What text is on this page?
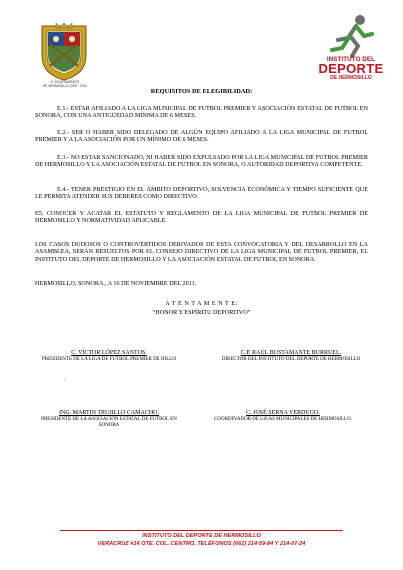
H. AYUNTAMIENTO
DE HERMOSILLO 2009 - 2012
INSTITUTO DEL
DEPORTE
DE HERMOSILLO
REQUISITOS DE ELEGIBILIDAD:
E.1.- ESTAR AFILIADO A LA LIGA MUNICIPAL DE FUTBOL PREMIER Y ASOCIACIÓN ESTATAL DE FUTBOL EN SONORA, CON UNA ANTIGÜEDAD MÍNIMA DE 6 MESES.
E.2.- SER O HABER SIDO DELEGADO DE ALGÚN EQUIPO AFILIADO A LA LIGA MUNICIPAL DE FUTBOL PREMIER Y A LA ASOCIACIÓN POR UN MÍNIMO DE 6 MESES.
E.3.- NO ESTAR SANCIONADO, NI HABER SIDO EXPULSADO POR LA LIGA MUNICIPAL DE FUTBOL PREMIER DE HERMOSILLO Y LA ASOCIACIÓN ESTATAL DE FUTBOL EN SONORA, O AUTORIDAD DEPORTIVA COMPETENTE.
E.4.- TENER PRESTIGIO EN EL ÁMBITO DEPORTIVO, SOLVENCIA ECONÓMICA Y TIEMPO SUFICIENTE QUE LE PERMITA ATENDER SUS DEBERES COMO DIRECTIVO.
E5. CONOCER Y ACATAR EL ESTATUTO Y REGLAMENTO DE LA LIGA MUNICIPAL DE FUTBOL PREMIER DE HERMOSILLO Y NORMATIVIDAD APLICABLE.
LOS CASOS DUDOSOS O CONTROVERTIDOS DERIVADOS DE ESTA CONVOCATORIA Y DEL DESARROLLO EN LA ASAMBLEA, SERÁN RESUELTOS POR EL CONSEJO DIRECTIVO DE LA LIGA MUNICIPAL DE FUTBOL PREMIER, EL INSTITUTO DEL DEPORTE DE HERMOSILLO Y LA ASOCIACIÓN ESTATAL DE FUTBOL EN SONORA.
HERMOSILLO, SONORA., A 16 DE NOVIEMBRE DEL 2011.
A T E N T A M E N T E:
“HONOR Y ESPÍRITU DEPORTIVO”
C. VÍCTOR LÓPEZ SANTOS.
PRESIDENTE DE LA LIGA DE FUTBOL PREMIER DE HILLO
C.P. RAÚL BUSTAMANTE BURRUEL.
DIRECTOR DEL INSTITUTO DEL DEPORTE DE HERMOSILLO
.
ING. MARTIN TRUJILLO CAMACHO.
PRESIDENTE DE LA ASOCIACIÓN ESTATAL DE FUTBOL EN SONORA
C. JOSÉ SERNA VERDUGO.
COORDINADOR DE LIGAS MUNICIPALES DE HERMOSILLO.
INSTITUTO DEL DEPORTE DE HERMOSILLO
VERACRUZ #14 OTE. COL. CENTRO, TELÉFONOS (662) 214-59-84 Y 214-07-24
